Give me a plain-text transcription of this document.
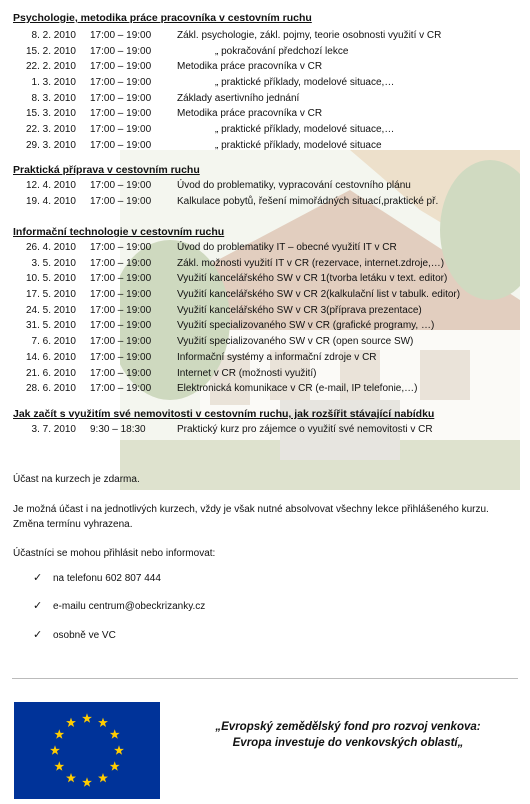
Psychologie, metodika práce pracovníka v cestovním ruchu
8. 2. 2010 17:00 – 19:00	Zákl. psychologie, zákl. pojmy, teorie osobnosti využití v CR
15. 2. 2010 17:00 – 19:00	„ pokračování předchozí lekce
22. 2. 2010 17:00 – 19:00	Metodika práce pracovníka v CR
1. 3. 2010 17:00 – 19:00	„ praktické příklady, modelové situace,…
8. 3. 2010 17:00 – 19:00	Základy asertivního jednání
15. 3. 2010 17:00 – 19:00	Metodika práce pracovníka v CR
22. 3. 2010 17:00 – 19:00	„ praktické příklady, modelové situace,…
29. 3. 2010 17:00 – 19:00	„ praktické příklady, modelové situace
Praktická příprava v cestovním ruchu
12. 4. 2010 17:00 – 19:00	Úvod do problematiky, vypracování cestovního plánu
19. 4. 2010 17:00 – 19:00	Kalkulace pobytů, řešení mimořádných situací,praktické př.
Informační technologie v cestovním ruchu
26. 4. 2010 17:00 – 19:00	Úvod do problematiky IT – obecné využití IT v CR
3. 5. 2010 17:00 – 19:00	Zákl. možnosti využití IT v CR (rezervace, internet.zdroje,…)
10. 5. 2010 17:00 – 19:00	Využití kancelářského SW v CR 1(tvorba letáku v text. editor)
17. 5. 2010 17:00 – 19:00	Využití kancelářského SW v CR 2(kalkulační list v tabulk. editor)
24. 5. 2010 17:00 – 19:00	Využití kancelářského SW v CR 3(příprava prezentace)
31. 5. 2010 17:00 – 19:00	Využití specializovaného SW v CR (grafické programy, …)
7. 6. 2010 17:00 – 19:00	Využití specializovaného SW v CR (open source SW)
14. 6. 2010 17:00 – 19:00	Informační systémy a informační zdroje v CR
21. 6. 2010 17:00 – 19:00	Internet v CR (možnosti využití)
28. 6. 2010 17:00 – 19:00	Elektronická komunikace v CR (e-mail, IP telefonie,…)
Jak začít s využitím své nemovitosti v cestovním ruchu, jak rozšířit stávající nabídku
3. 7. 2010 9:30 – 18:30	Praktický kurz pro zájemce o využití své nemovitosti v CR

Účast na kurzech je zdarma.

Je možná účast i na jednotlivých kurzech, vždy je však nutné absolvovat všechny lekce přihlášeného kurzu. Změna termínu vyhrazena.

Účastníci se mohou přihlásit nebo informovat:

✓ na telefonu 602 807 444
✓ e-mailu centrum@obeckrizanky.cz
✓ osobně ve VC
„Evropský zemědělský fond pro rozvoj venkova:
Evropa investuje do venkovských oblastí„
